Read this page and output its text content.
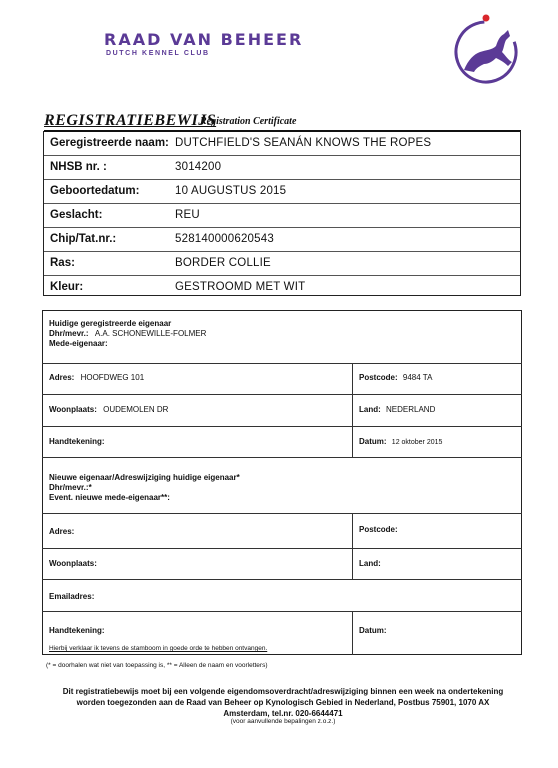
RAAD VAN BEHEER
DUTCH KENNEL CLUB
REGISTRATIEBEWIJS
Registration Certificate
Geregistreerde naam: DUTCHFIELD'S SEANÁN KNOWS THE ROPES
NHSB nr. :	3014200
Geboortedatum:	10 AUGUSTUS 2015
Geslacht:	REU
Chip/Tat.nr.:	528140000620543
Ras:	BORDER COLLIE
Kleur:	GESTROOMD MET WIT
Huidige geregistreerde eigenaar
Dhr/mevr.: A.A. SCHONEWILLE-FOLMER
Mede-eigenaar:
Adres: HOOFDWEG 101	Postcode: 9484 TA
Woonplaats: OUDEMOLEN DR	Land: NEDERLAND
Handtekening:	Datum: 12 oktober 2015
Nieuwe eigenaar/Adreswijziging huidige eigenaar*
Dhr/mevr.:*
Event. nieuwe mede-eigenaar**:
Adres:	Postcode:
Woonplaats:	Land:
Emailadres:
Handtekening:	Datum:
Hierbij verklaar ik tevens de stamboom in goede orde te hebben ontvangen.
(* = doorhalen wat niet van toepassing is, ** = Alleen de naam en voorletters)
Dit registratiebewijs moet bij een volgende eigendomsoverdracht/adreswijziging binnen een week na ondertekening worden toegezonden aan de Raad van Beheer op Kynologisch Gebied in Nederland, Postbus 75901, 1070 AX Amsterdam, tel.nr. 020-6644471
(voor aanvullende bepalingen z.o.z.)
